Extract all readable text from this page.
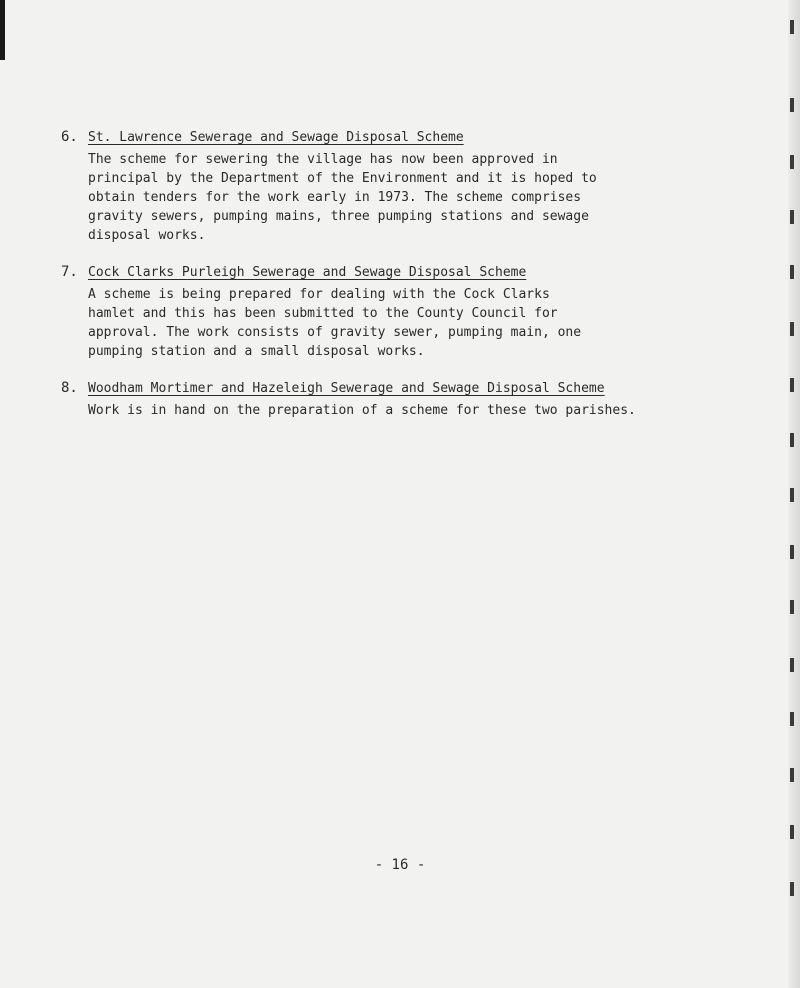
6. St. Lawrence Sewerage and Sewage Disposal Scheme
The scheme for sewering the village has now been approved in
principal by the Department of the Environment and it is hoped to
obtain tenders for the work early in 1973. The scheme comprises
gravity sewers, pumping mains, three pumping stations and sewage
disposal works.
7. Cock Clarks Purleigh Sewerage and Sewage Disposal Scheme
A scheme is being prepared for dealing with the Cock Clarks
hamlet and this has been submitted to the County Council for
approval. The work consists of gravity sewer, pumping main, one
pumping station and a small disposal works.
8. Woodham Mortimer and Hazeleigh Sewerage and Sewage Disposal Scheme
Work is in hand on the preparation of a scheme for these two parishes.
- 16 -
